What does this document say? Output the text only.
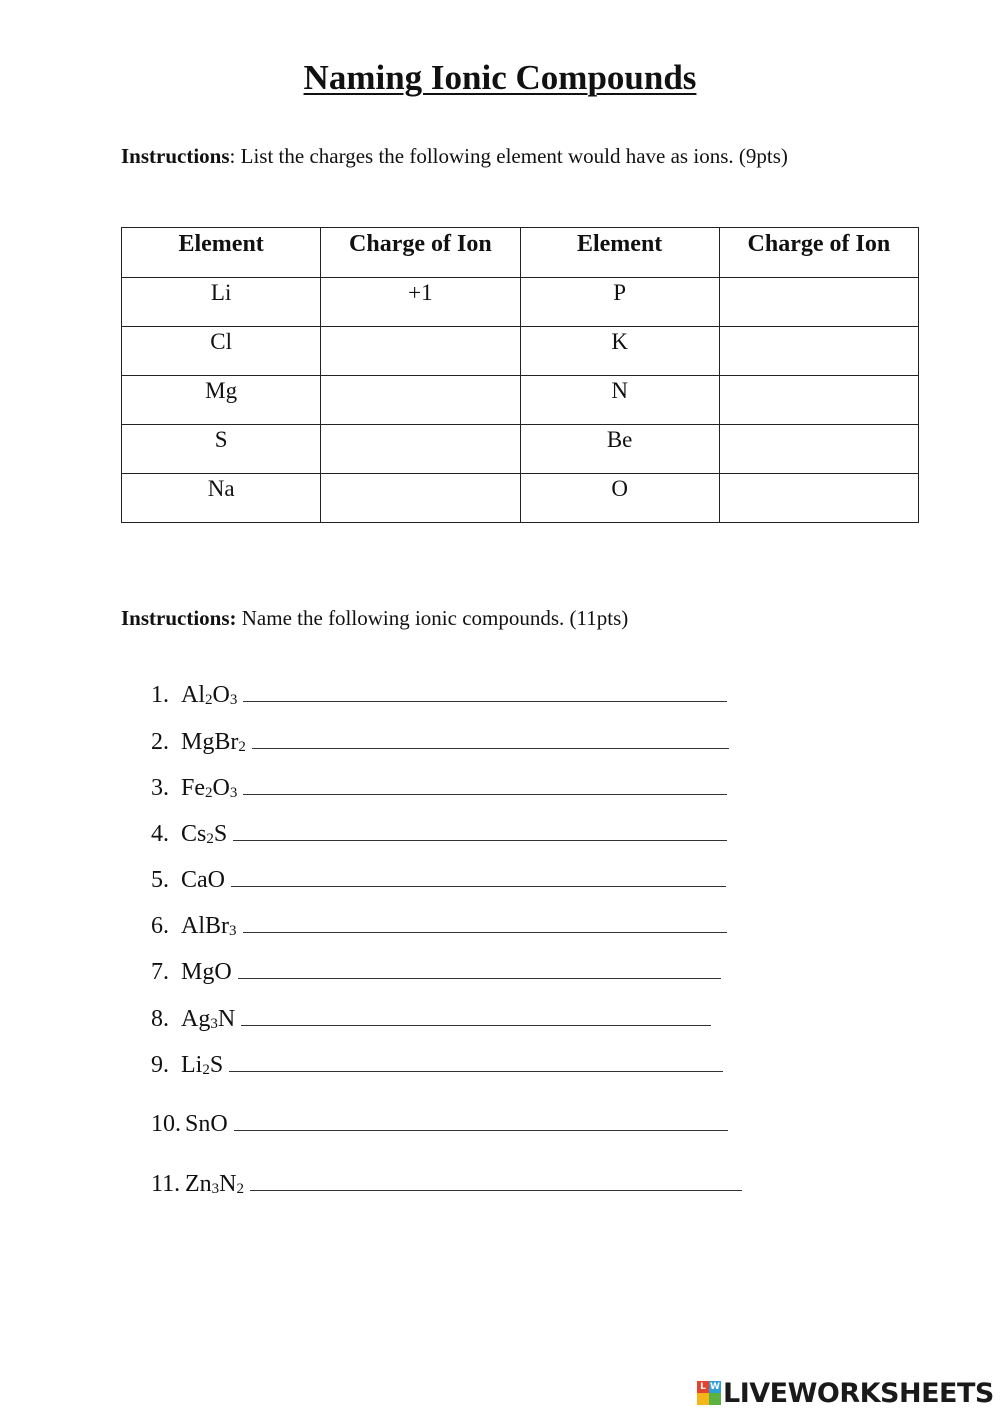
Naming Ionic Compounds
Instructions: List the charges the following element would have as ions. (9pts)
Element	Charge of Ion	Element	Charge of Ion
Li	+1	P	
Cl		K	
Mg		N	
S		Be	
Na		O	
Instructions: Name the following ionic compounds. (11pts)
1. $Al_2O_3$
2. MgBr$_2$
3. $Fe_2O_3$
4. $Cs_2S$
5. CaO
6. AlBr$_3$
7. MgO
8. $Ag_3N$
9. $Li_2S$
10. SnO
11. $Zn_3N_2$
L W LIVEWORKSHEETS
